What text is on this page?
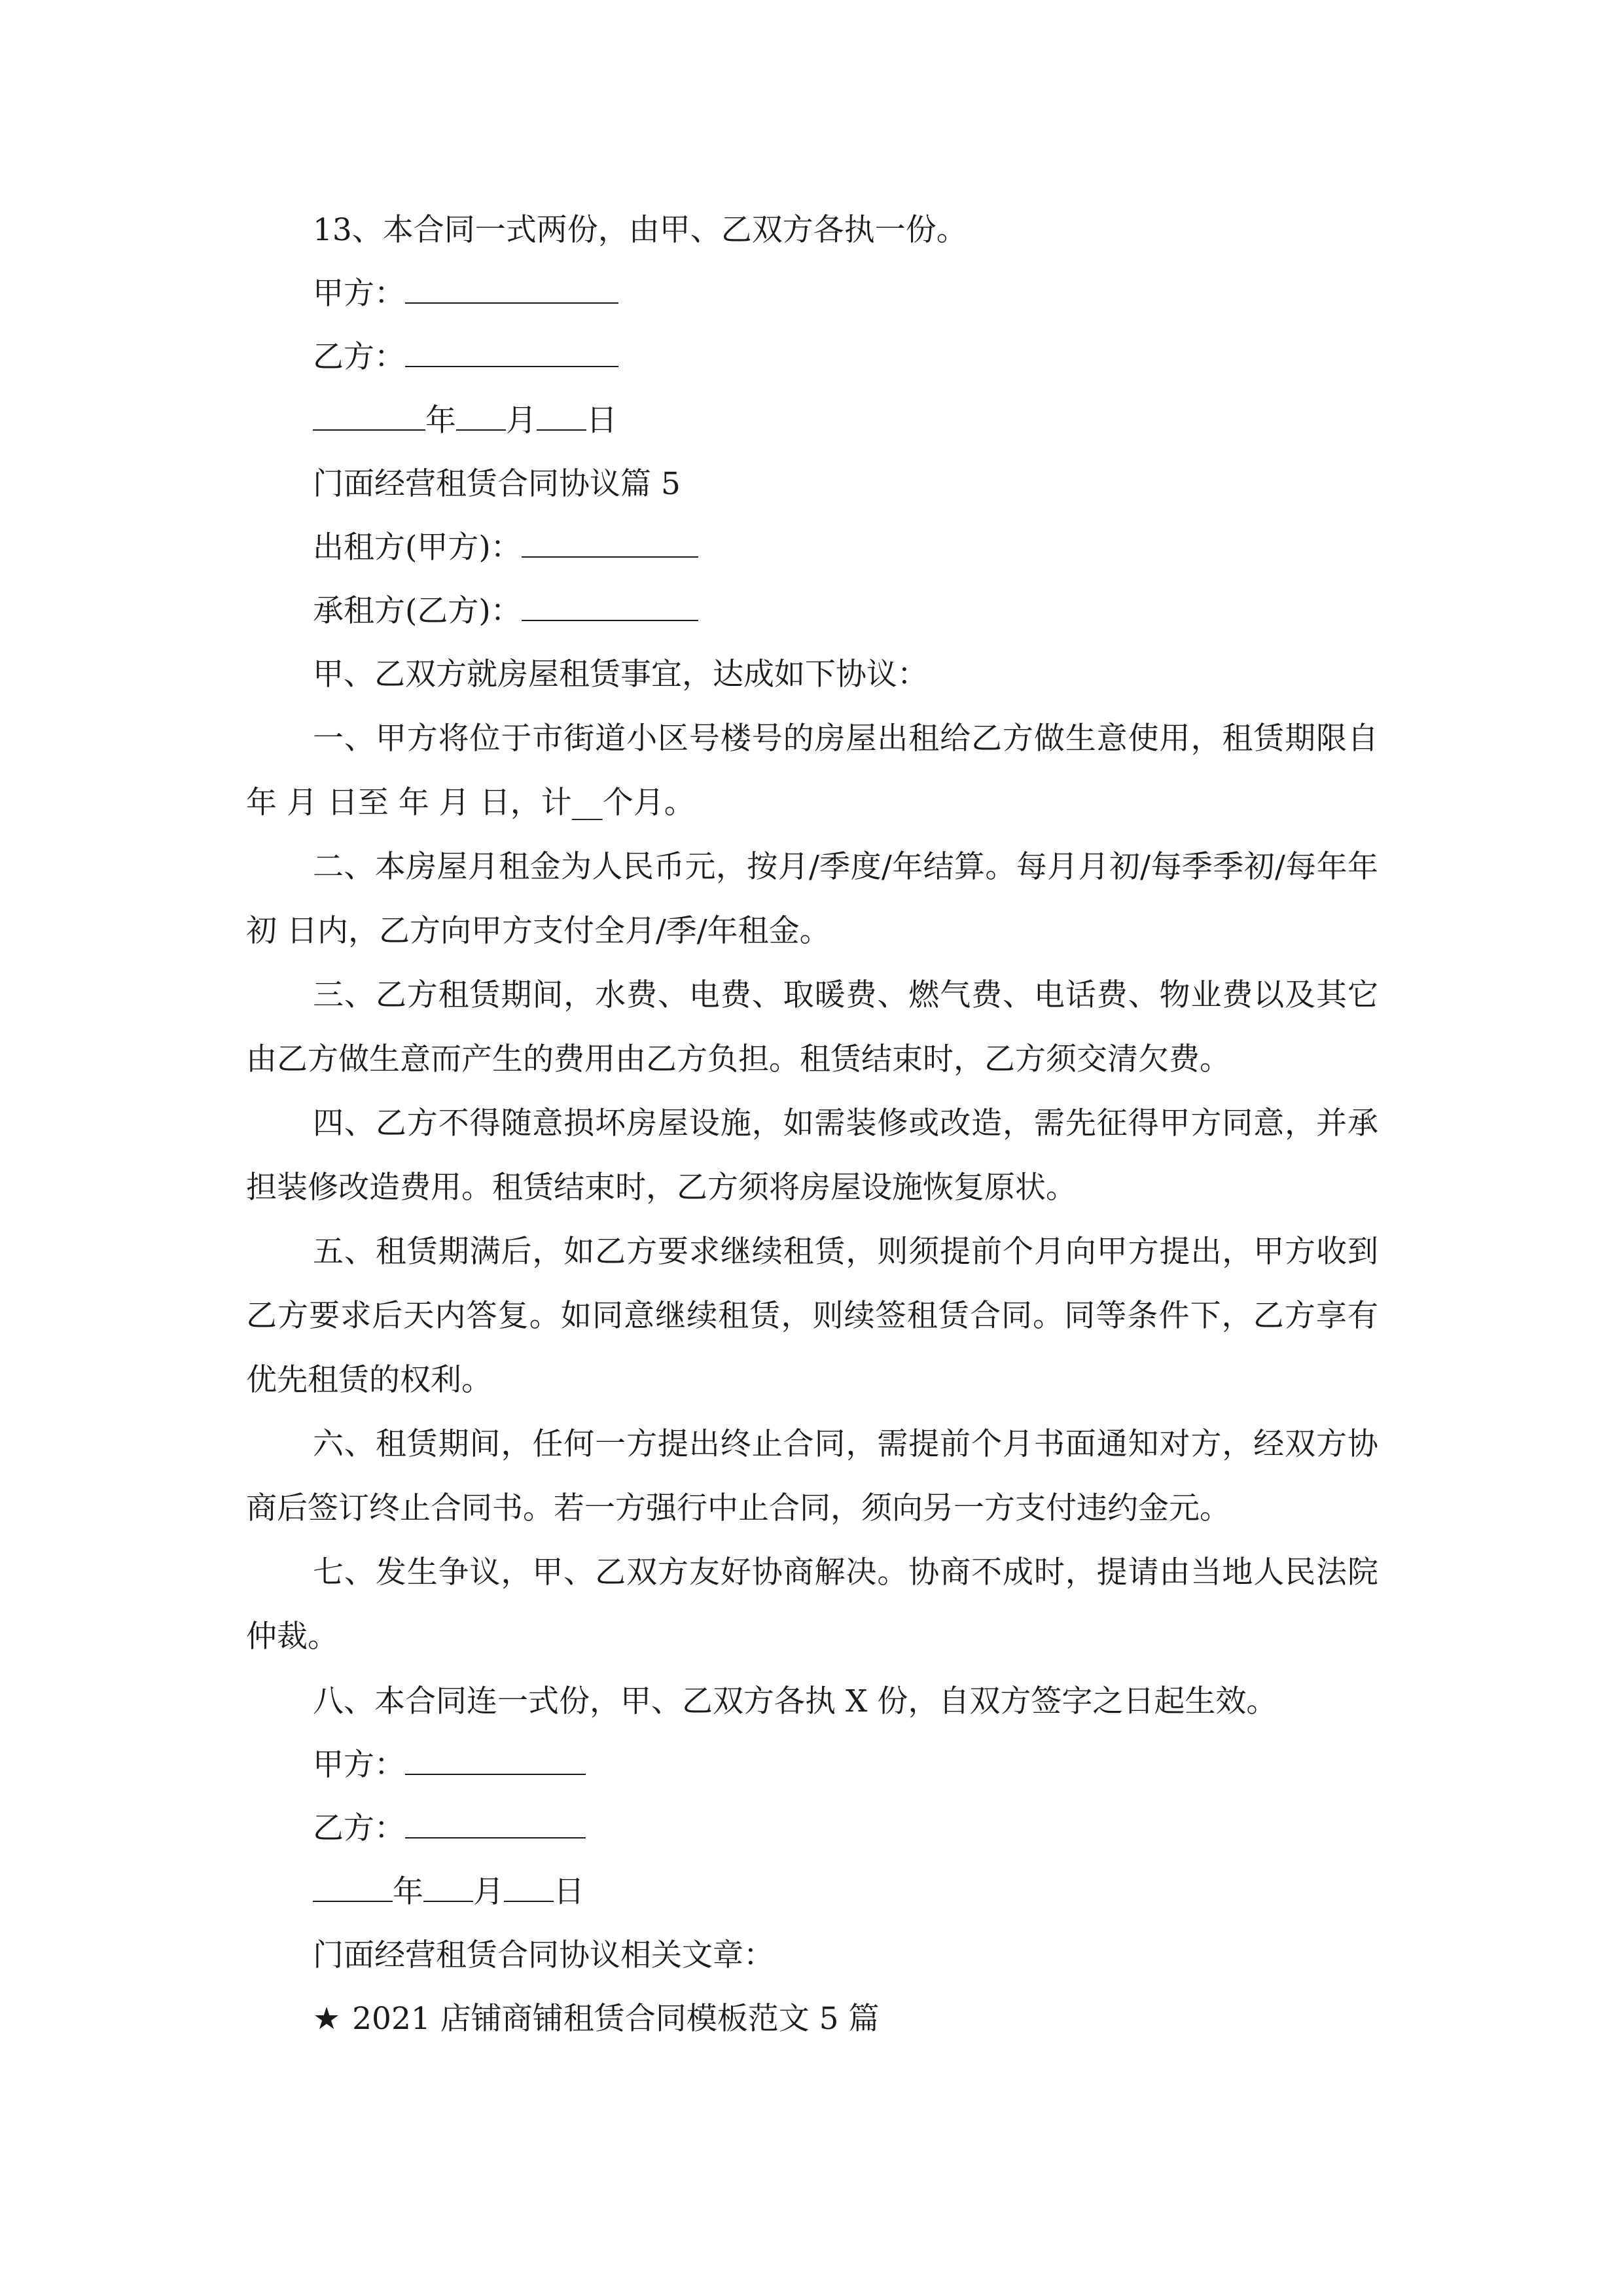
13、本合同一式两份，由甲、乙双方各执一份。
甲方：
乙方：
年 月 日
门面经营租赁合同协议篇 5
出租方(甲方)：
承租方(乙方)：
甲、乙双方就房屋租赁事宜，达成如下协议：
一、甲方将位于市街道小区号楼号的房屋出租给乙方做生意使用，租赁期限自 年 月 日至 年 月 日，计__个月。
二、本房屋月租金为人民币元，按月/季度/年结算。每月月初/每季季初/每年年初 日内，乙方向甲方支付全月/季/年租金。
三、乙方租赁期间，水费、电费、取暖费、燃气费、电话费、物业费以及其它由乙方做生意而产生的费用由乙方负担。租赁结束时，乙方须交清欠费。
四、乙方不得随意损坏房屋设施，如需装修或改造，需先征得甲方同意，并承担装修改造费用。租赁结束时，乙方须将房屋设施恢复原状。
五、租赁期满后，如乙方要求继续租赁，则须提前个月向甲方提出，甲方收到乙方要求后天内答复。如同意继续租赁，则续签租赁合同。同等条件下，乙方享有优先租赁的权利。
六、租赁期间，任何一方提出终止合同，需提前个月书面通知对方，经双方协商后签订终止合同书。若一方强行中止合同，须向另一方支付违约金元。
七、发生争议，甲、乙双方友好协商解决。协商不成时，提请由当地人民法院仲裁。
八、本合同连一式份，甲、乙双方各执 X 份，自双方签字之日起生效。
甲方：
乙方：
年 月 日
门面经营租赁合同协议相关文章：
★ 2021 店铺商铺租赁合同模板范文 5 篇
